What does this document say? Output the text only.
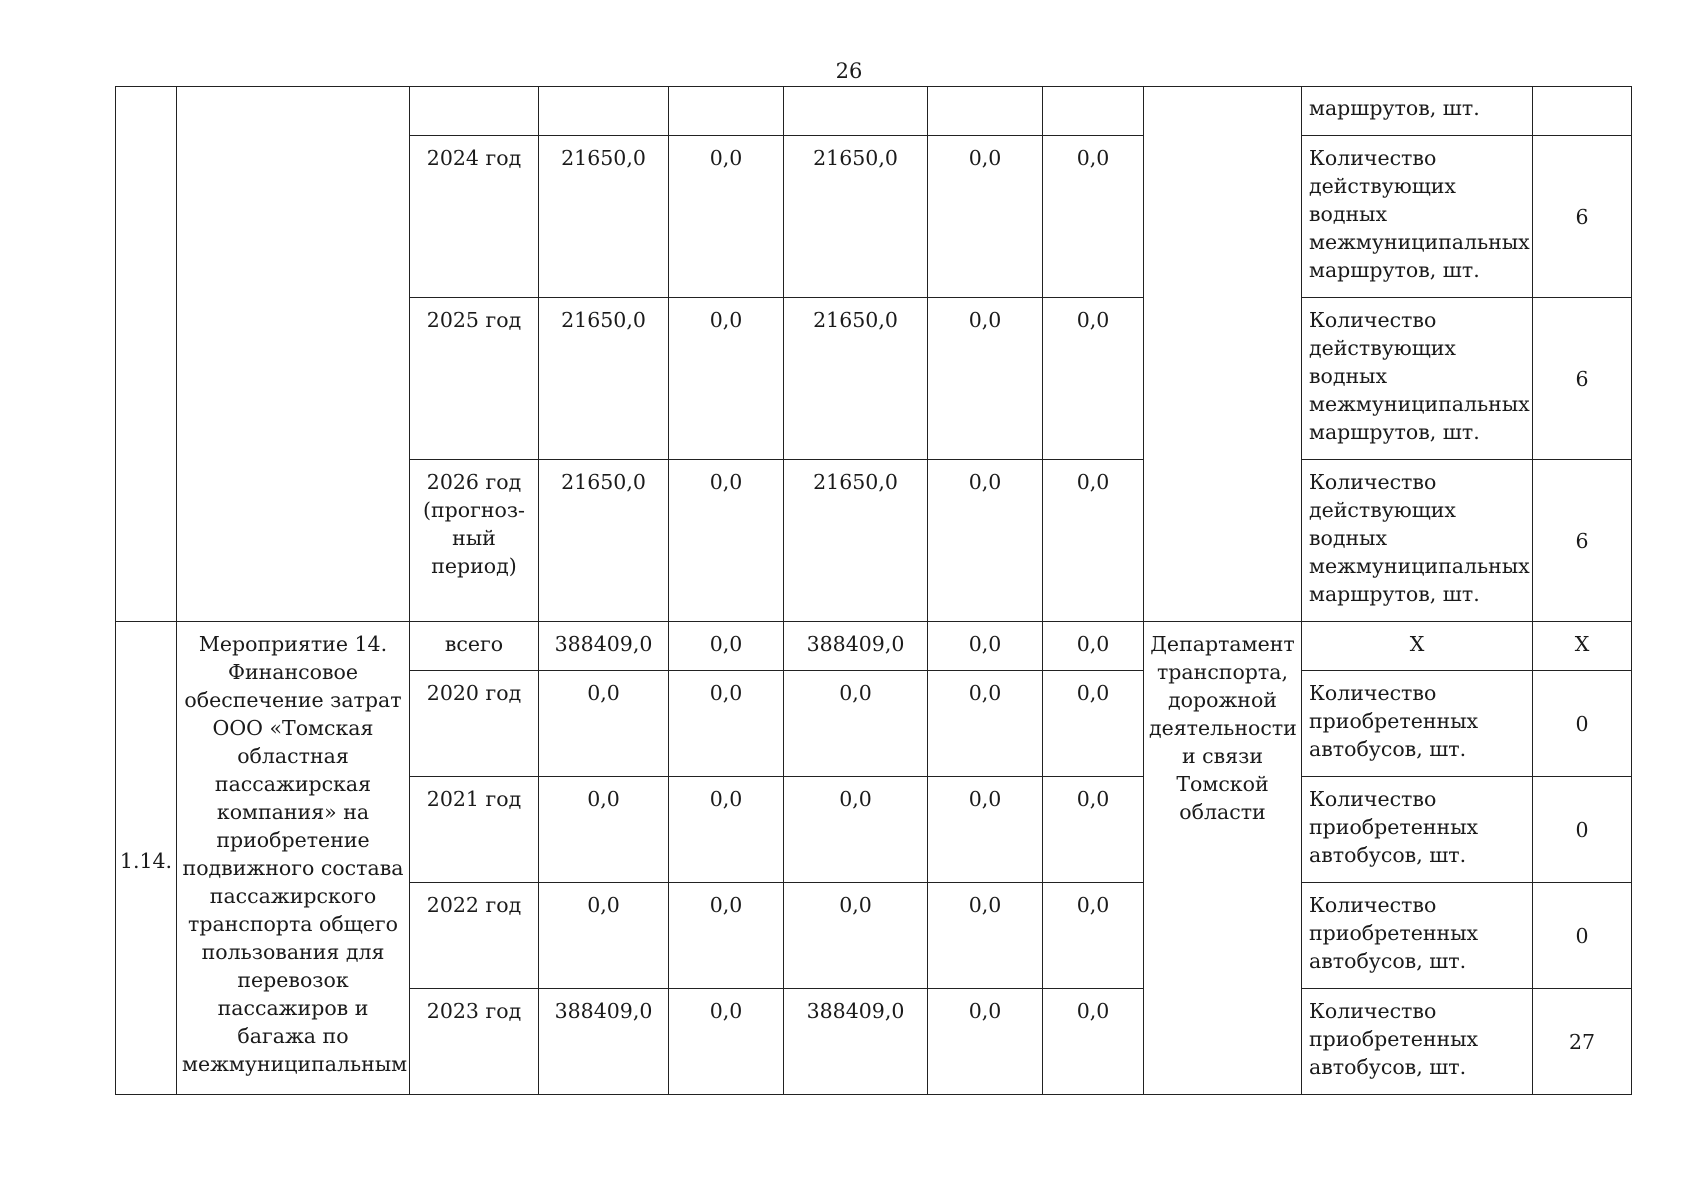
26
									маршрутов, шт.	
		2024 год	21650,0	0,0	21650,0	0,0	0,0		Количество действующих водных межмуниципальных маршрутов, шт.	6
		2025 год	21650,0	0,0	21650,0	0,0	0,0		Количество действующих водных межмуниципальных маршрутов, шт.	6
		2026 год (прогноз-ный период)	21650,0	0,0	21650,0	0,0	0,0		Количество действующих водных межмуниципальных маршрутов, шт.	6
1.14.	Мероприятие 14. Финансовое обеспечение затрат ООО «Томская областная пассажирская компания» на приобретение подвижного состава пассажирского транспорта общего пользования для перевозок пассажиров и багажа по межмуниципальным	всего	388409,0	0,0	388409,0	0,0	0,0	Департамент транспорта, дорожной деятельности и связи Томской области	X	X
		2020 год	0,0	0,0	0,0	0,0	0,0		Количество приобретенных автобусов, шт.	0
		2021 год	0,0	0,0	0,0	0,0	0,0		Количество приобретенных автобусов, шт.	0
		2022 год	0,0	0,0	0,0	0,0	0,0		Количество приобретенных автобусов, шт.	0
		2023 год	388409,0	0,0	388409,0	0,0	0,0		Количество приобретенных автобусов, шт.	27
